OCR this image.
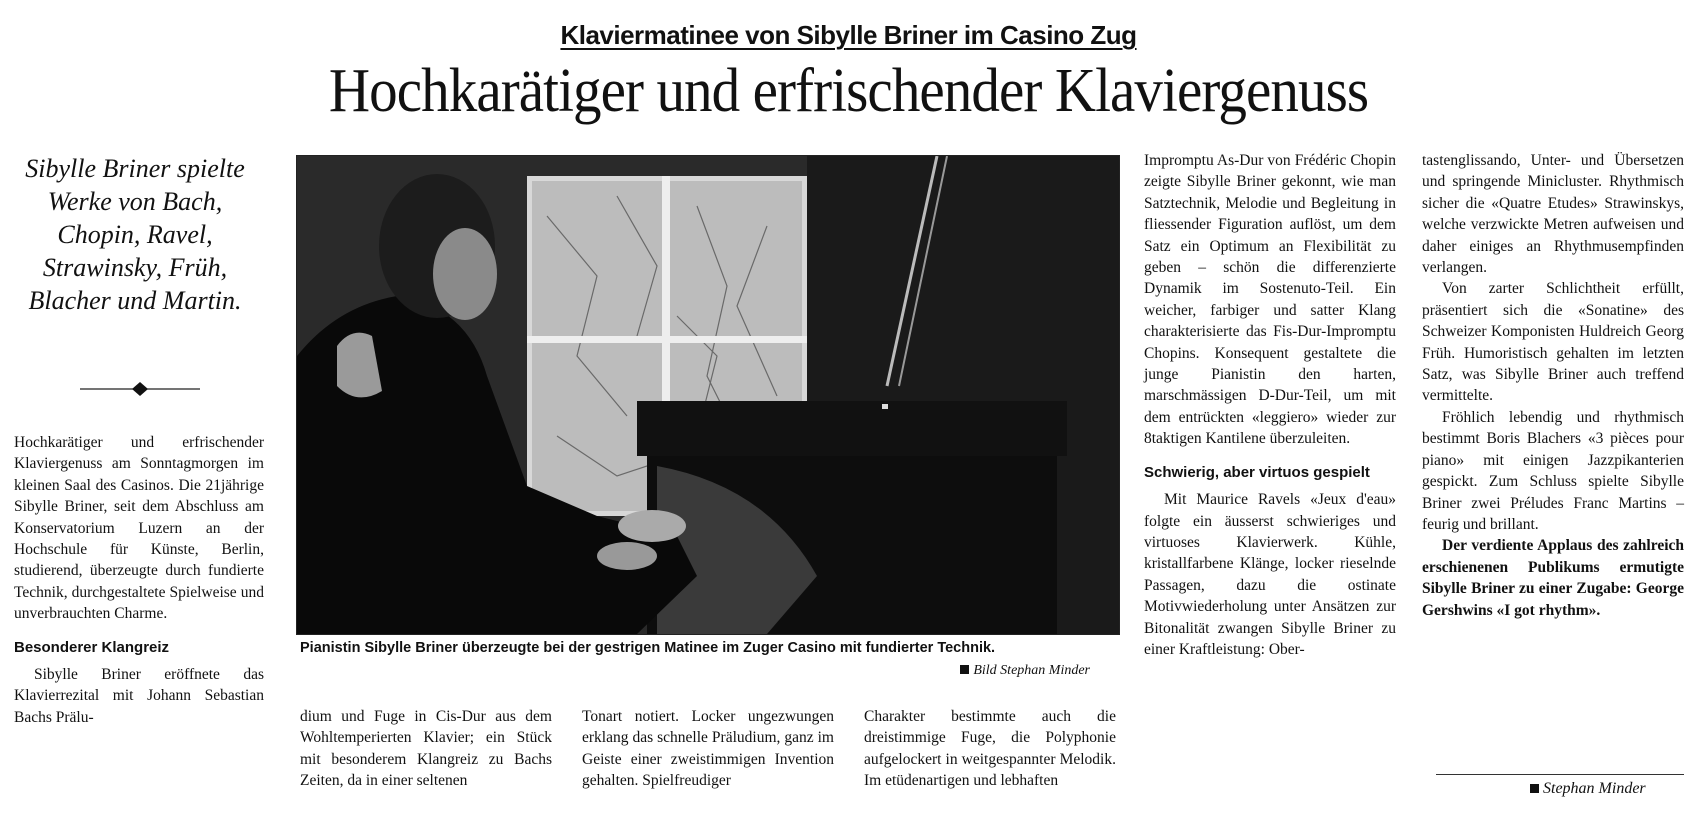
Klaviermatinee von Sibylle Briner im Casino Zug
Hochkarätiger und erfrischender Klaviergenuss
Sibylle Briner spielte Werke von Bach, Chopin, Ravel, Strawinsky, Früh, Blacher und Martin.

Hochkarätiger und erfrischender Klaviergenuss am Sonntagmorgen im kleinen Saal des Casinos. Die 21jährige Sibylle Briner, seit dem Abschluss am Konservatorium Luzern an der Hochschule für Künste, Berlin, studierend, überzeugte durch fundierte Technik, durchgestaltete Spielweise und unverbrauchten Charme.

Besonderer Klangreiz

Sibylle Briner eröffnete das Klavierrezital mit Johann Sebastian Bachs Prälu-

Pianistin Sibylle Briner überzeugte bei der gestrigen Matinee im Zuger Casino mit fundierter Technik.
Bild Stephan Minder

dium und Fuge in Cis-Dur aus dem Wohltemperierten Klavier; ein Stück mit besonderem Klangreiz zu Bachs Zeiten, da in einer seltenen

Tonart notiert. Locker ungezwungen erklang das schnelle Präludium, ganz im Geiste einer zweistimmigen Invention gehalten. Spielfreudiger

Charakter bestimmte auch die dreistimmige Fuge, die Polyphonie aufgelockert in weitgespannter Melodik. Im etüdenartigen und lebhaften

Impromptu As-Dur von Frédéric Chopin zeigte Sibylle Briner gekonnt, wie man Satztechnik, Melodie und Begleitung in fliessender Figuration auflöst, um dem Satz ein Optimum an Flexibilität zu geben – schön die differenzierte Dynamik im Sostenuto-Teil. Ein weicher, farbiger und satter Klang charakterisierte das Fis-Dur-Impromptu Chopins. Konsequent gestaltete die junge Pianistin den harten, marschmässigen D-Dur-Teil, um mit dem entrückten «leggiero» wieder zur 8taktigen Kantilene überzuleiten.

Schwierig, aber virtuos gespielt

Mit Maurice Ravels «Jeux d'eau» folgte ein äusserst schwieriges und virtuoses Klavierwerk. Kühle, kristallfarbene Klänge, locker rieselnde Passagen, dazu die ostinate Motivwiederholung unter Ansätzen zur Bitonalität zwangen Sibylle Briner zu einer Kraftleistung: Ober-

tastenglissando, Unter- und Übersetzen und springende Minicluster. Rhythmisch sicher die «Quatre Etudes» Strawinskys, welche verzwickte Metren aufweisen und daher einiges an Rhythmusempfinden verlangen.

Von zarter Schlichtheit erfüllt, präsentiert sich die «Sonatine» des Schweizer Komponisten Huldreich Georg Früh. Humoristisch gehalten im letzten Satz, was Sibylle Briner auch treffend vermittelte.

Fröhlich lebendig und rhythmisch bestimmt Boris Blachers «3 pièces pour piano» mit einigen Jazzpikanterien gespickt. Zum Schluss spielte Sibylle Briner zwei Préludes Franc Martins – feurig und brillant.

Der verdiente Applaus des zahlreich erschienenen Publikums ermutigte Sibylle Briner zu einer Zugabe: George Gershwins «I got rhythm».

Stephan Minder
